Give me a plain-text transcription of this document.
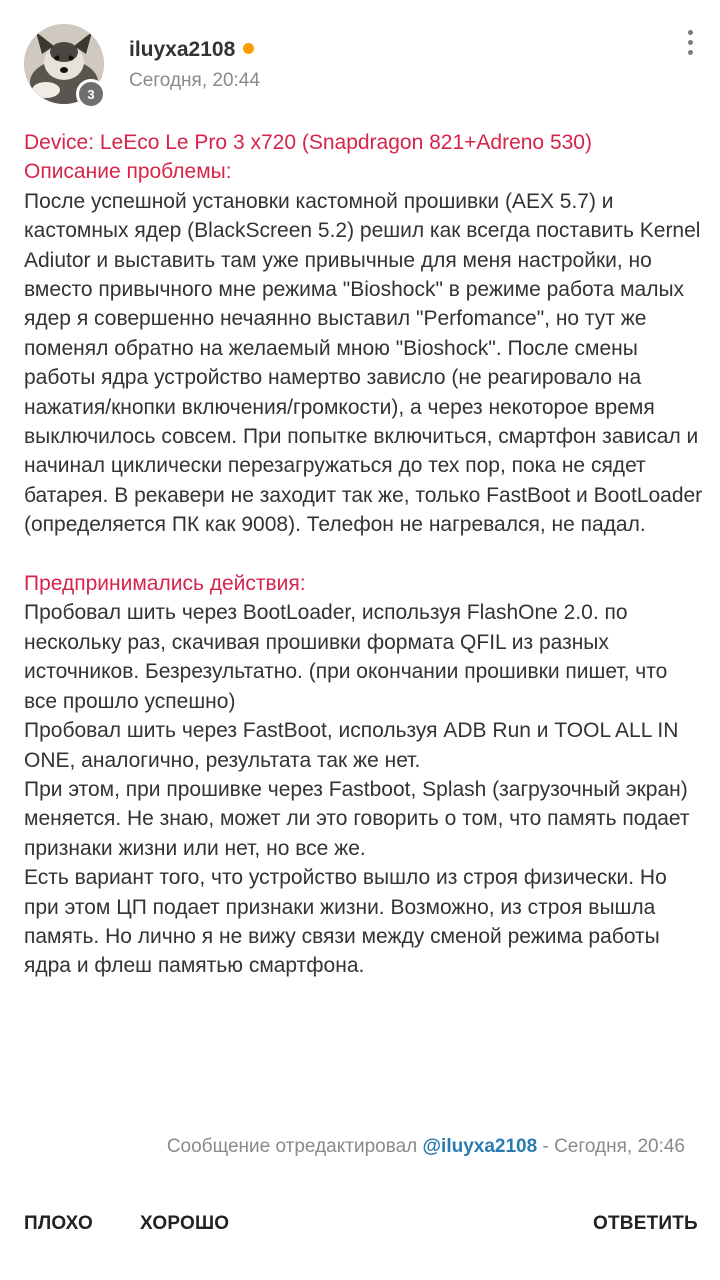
3
iluyxa2108
Сегодня, 20:44
Device: LeEco Le Pro 3 x720 (Snapdragon 821+Adreno 530)
Описание проблемы:
После успешной установки кастомной прошивки (AEX 5.7) и кастомных ядер (BlackScreen 5.2) решил как всегда поставить Kernel Adiutor и выставить там уже привычные для меня настройки, но вместо привычного мне режима "Bioshock" в режиме работа малых ядер я совершенно нечаянно выставил "Perfomance", но тут же поменял обратно на желаемый мною "Bioshock". После смены работы ядра устройство намертво зависло (не реагировало на нажатия/кнопки включения/громкости), а через некоторое время выключилось совсем. При попытке включиться, смартфон зависал и начинал циклически перезагружаться до тех пор, пока не сядет батарея. В рекавери не заходит так же, только FastBoot и BootLoader (определяется ПК как 9008). Телефон не нагревался, не падал.
Предпринимались действия:
Пробовал шить через BootLoader, используя FlashOne 2.0. по нескольку раз, скачивая прошивки формата QFIL из разных источников. Безрезультатно. (при окончании прошивки пишет, что все прошло успешно)
Пробовал шить через FastBoot, используя ADB Run и TOOL ALL IN ONE, аналогично, результата так же нет.
При этом, при прошивке через Fastboot, Splash (загрузочный экран) меняется. Не знаю, может ли это говорить о том, что память подает признаки жизни или нет, но все же.
Есть вариант того, что устройство вышло из строя физически. Но при этом ЦП подает признаки жизни. Возможно, из строя вышла память. Но лично я не вижу связи между сменой режима работы ядра и флеш памятью смартфона.
Сообщение отредактировал @iluyxa2108 - Сегодня, 20:46
ПЛОХО ХОРОШО	ОТВЕТИТЬ
